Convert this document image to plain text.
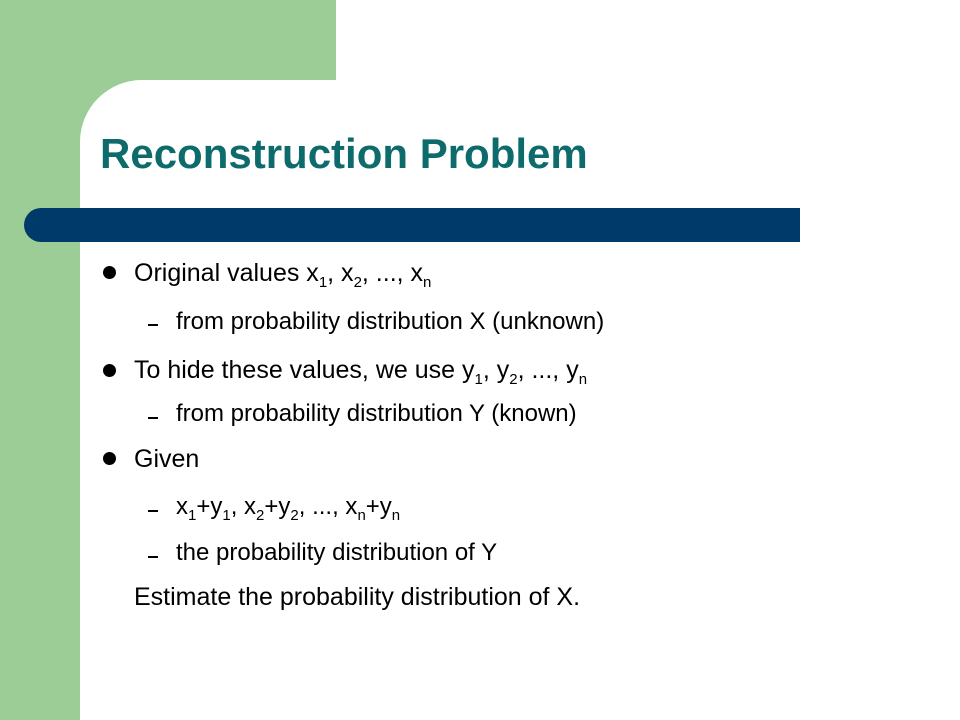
Reconstruction Problem

Original values $x_1$, $x_2$, ..., $x_n$

from probability distribution X (unknown)

To hide these values, we use $y_1$, $y_2$, ..., $y_n$

from probability distribution Y (known)

Given

$x_1+y_1$, $x_2+y_2$, ..., $x_n+y_n$

the probability distribution of Y

Estimate the probability distribution of X.
